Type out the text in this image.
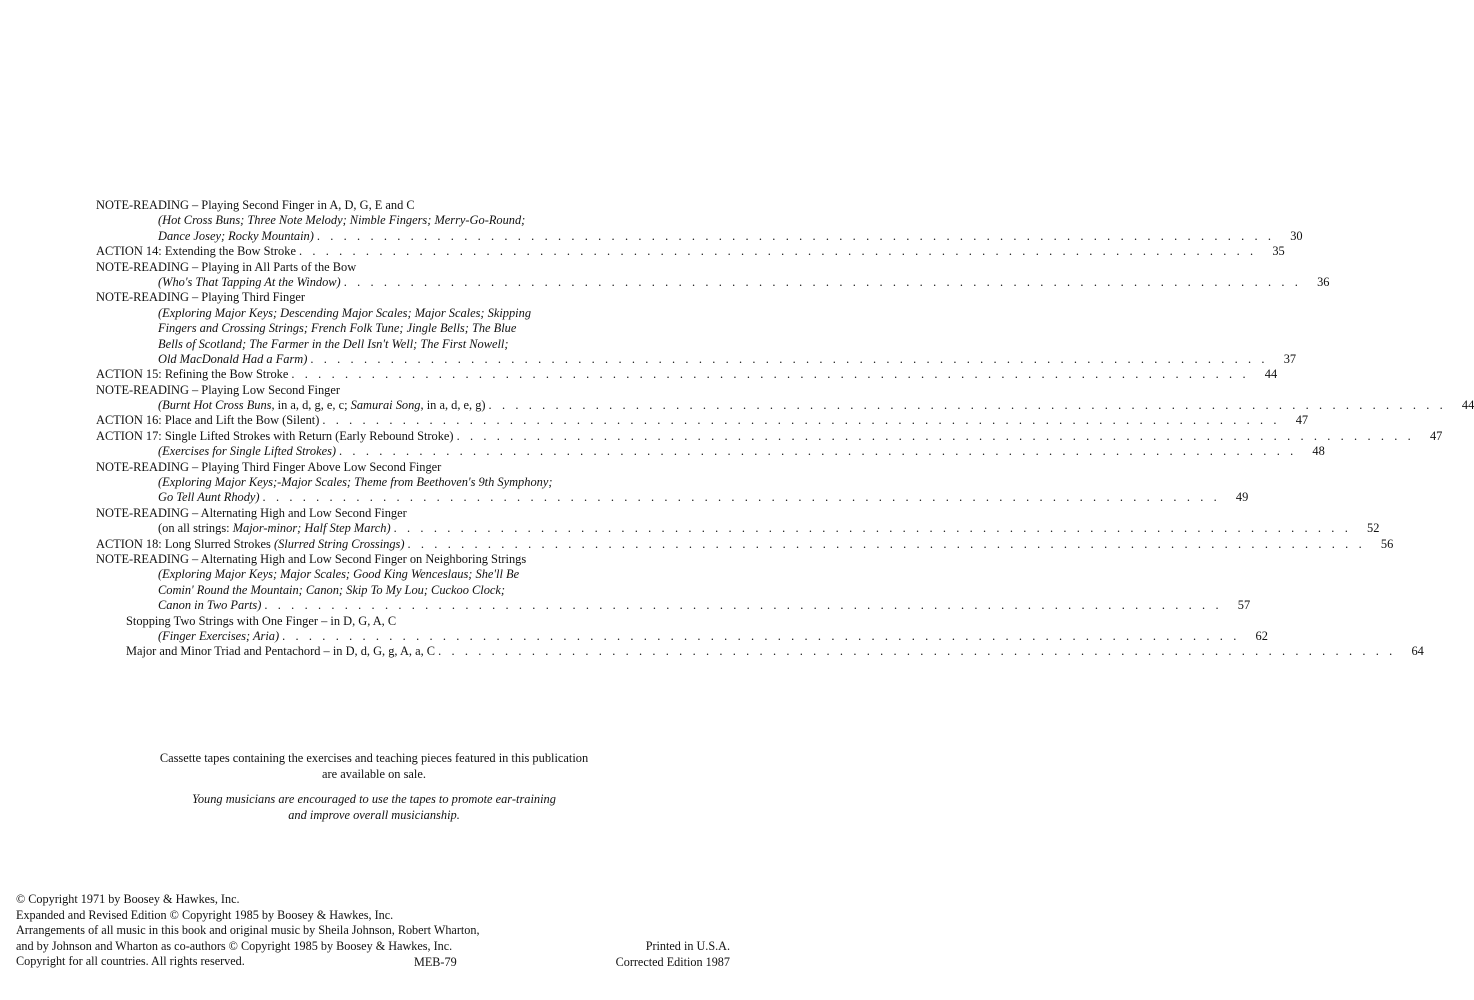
NOTE-READING – Playing Second Finger in A, D, G, E and C
(Hot Cross Buns; Three Note Melody; Nimble Fingers; Merry-Go-Round;
Dance Josey; Rocky Mountain) . . . . . . . . . . . . . . . . . . . . . . . . . . . . . . . . . . . . . . . . . . . . . . . . . . . . . . . . . . . . . . . . . . . . . . . .	30
ACTION 14: Extending the Bow Stroke . . . . . . . . . . . . . . . . . . . . . . . . . . . . . . . . . . . . . . . . . . . . . . . . . . . . . . . . . . . . . . . . . . . . . . . .	35
NOTE-READING – Playing in All Parts of the Bow
(Who's That Tapping At the Window) . . . . . . . . . . . . . . . . . . . . . . . . . . . . . . . . . . . . . . . . . . . . . . . . . . . . . . . . . . . . . . . . . . . . . . . .	36
NOTE-READING – Playing Third Finger
(Exploring Major Keys; Descending Major Scales; Major Scales; Skipping
Fingers and Crossing Strings; French Folk Tune; Jingle Bells; The Blue
Bells of Scotland; The Farmer in the Dell Isn't Well; The First Nowell;
Old MacDonald Had a Farm) . . . . . . . . . . . . . . . . . . . . . . . . . . . . . . . . . . . . . . . . . . . . . . . . . . . . . . . . . . . . . . . . . . . . . . . .	37
ACTION 15: Refining the Bow Stroke . . . . . . . . . . . . . . . . . . . . . . . . . . . . . . . . . . . . . . . . . . . . . . . . . . . . . . . . . . . . . . . . . . . . . . . .	44
NOTE-READING – Playing Low Second Finger
(Burnt Hot Cross Buns, in a, d, g, e, c; Samurai Song, in a, d, e, g) . . . . . . . . . . . . . . . . . . . . . . . . . . . . . . . . . . . . . . . . . . . . . . . . . . . . . . . . . . . . . . . . . . . . . . . .	44
ACTION 16: Place and Lift the Bow (Silent) . . . . . . . . . . . . . . . . . . . . . . . . . . . . . . . . . . . . . . . . . . . . . . . . . . . . . . . . . . . . . . . . . . . . . . . .	47
ACTION 17: Single Lifted Strokes with Return (Early Rebound Stroke) . . . . . . . . . . . . . . . . . . . . . . . . . . . . . . . . . . . . . . . . . . . . . . . . . . . . . . . . . . . . . . . . . . . . . . . .	47
(Exercises for Single Lifted Strokes) . . . . . . . . . . . . . . . . . . . . . . . . . . . . . . . . . . . . . . . . . . . . . . . . . . . . . . . . . . . . . . . . . . . . . . . .	48
NOTE-READING – Playing Third Finger Above Low Second Finger
(Exploring Major Keys;-Major Scales; Theme from Beethoven's 9th Symphony;
Go Tell Aunt Rhody) . . . . . . . . . . . . . . . . . . . . . . . . . . . . . . . . . . . . . . . . . . . . . . . . . . . . . . . . . . . . . . . . . . . . . . . .	49
NOTE-READING – Alternating High and Low Second Finger
(on all strings: Major-minor; Half Step March) . . . . . . . . . . . . . . . . . . . . . . . . . . . . . . . . . . . . . . . . . . . . . . . . . . . . . . . . . . . . . . . . . . . . . . . .	52
ACTION 18: Long Slurred Strokes (Slurred String Crossings) . . . . . . . . . . . . . . . . . . . . . . . . . . . . . . . . . . . . . . . . . . . . . . . . . . . . . . . . . . . . . . . . . . . . . . . .	56
NOTE-READING – Alternating High and Low Second Finger on Neighboring Strings
(Exploring Major Keys; Major Scales; Good King Wenceslaus; She'll Be
Comin' Round the Mountain; Canon; Skip To My Lou; Cuckoo Clock;
Canon in Two Parts) . . . . . . . . . . . . . . . . . . . . . . . . . . . . . . . . . . . . . . . . . . . . . . . . . . . . . . . . . . . . . . . . . . . . . . . .	57
Stopping Two Strings with One Finger – in D, G, A, C
(Finger Exercises; Aria) . . . . . . . . . . . . . . . . . . . . . . . . . . . . . . . . . . . . . . . . . . . . . . . . . . . . . . . . . . . . . . . . . . . . . . . .	62
Major and Minor Triad and Pentachord – in D, d, G, g, A, a, C . . . . . . . . . . . . . . . . . . . . . . . . . . . . . . . . . . . . . . . . . . . . . . . . . . . . . . . . . . . . . . . . . . . . . . . .	64
Cassette tapes containing the exercises and teaching pieces featured in this publication
are available on sale.
Young musicians are encouraged to use the tapes to promote ear-training
and improve overall musicianship.
© Copyright 1971 by Boosey & Hawkes, Inc.
Expanded and Revised Edition © Copyright 1985 by Boosey & Hawkes, Inc.
Arrangements of all music in this book and original music by Sheila Johnson, Robert Wharton,
and by Johnson and Wharton as co-authors © Copyright 1985 by Boosey & Hawkes, Inc.
Copyright for all countries. All rights reserved.	MEB-79
Printed in U.S.A.
Corrected Edition 1987
